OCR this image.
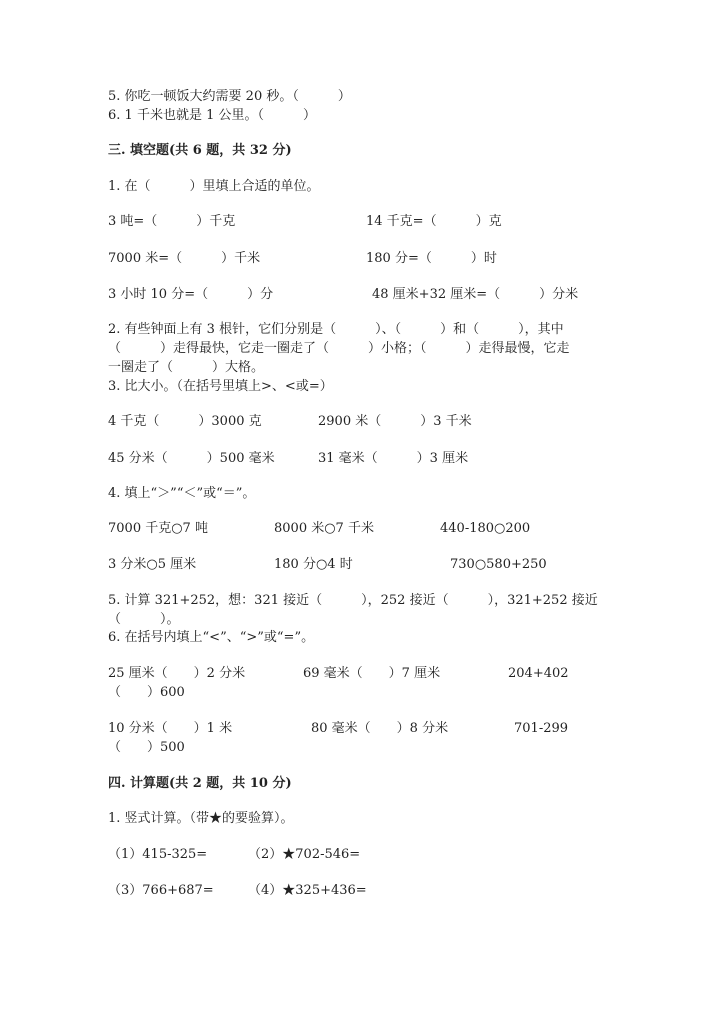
5. 你吃一顿饭大约需要 20 秒。（　　　）
6. 1 千米也就是 1 公里。（　　　）
三. 填空题(共 6 题，共 32 分)
1. 在（　　　）里填上合适的单位。
3 吨=（　　　）千克	14 千克=（　　　）克
7000 米=（　　　）千米	180 分=（　　　）时
3 小时 10 分=（　　　）分	48 厘米+32 厘米=（　　　）分米
2. 有些钟面上有 3 根针，它们分别是（　　　）、（　　　）和（　　　），其中
（　　　）走得最快，它走一圈走了（　　　）小格；（　　　）走得最慢，它走
一圈走了（　　　）大格。
3. 比大小。（在括号里填上>、<或=）
4 千克（　　　）3000 克	2900 米（　　　）3 千米
45 分米（　　　）500 毫米	31 毫米（　　　）3 厘米
4. 填上“＞”“＜”或“＝”。
7000 千克○7 吨	8000 米○7 千米	440-180○200
3 分米○5 厘米	180 分○4 时	730○580+250
5. 计算 321+252，想：321 接近（　　　），252 接近（　　　），321+252 接近
（　　　）。
6. 在括号内填上“<”、“>”或“=”。
25 厘米（　　）2 分米	69 毫米（　　）7 厘米	204+402
（　　）600
10 分米（　　）1 米	80 毫米（　　）8 分米	701-299
（　　）500
四. 计算题(共 2 题，共 10 分)
1. 竖式计算。（带★的要验算）。
（1）415-325=	（2）★702-546=
（3）766+687=	（4）★325+436=
